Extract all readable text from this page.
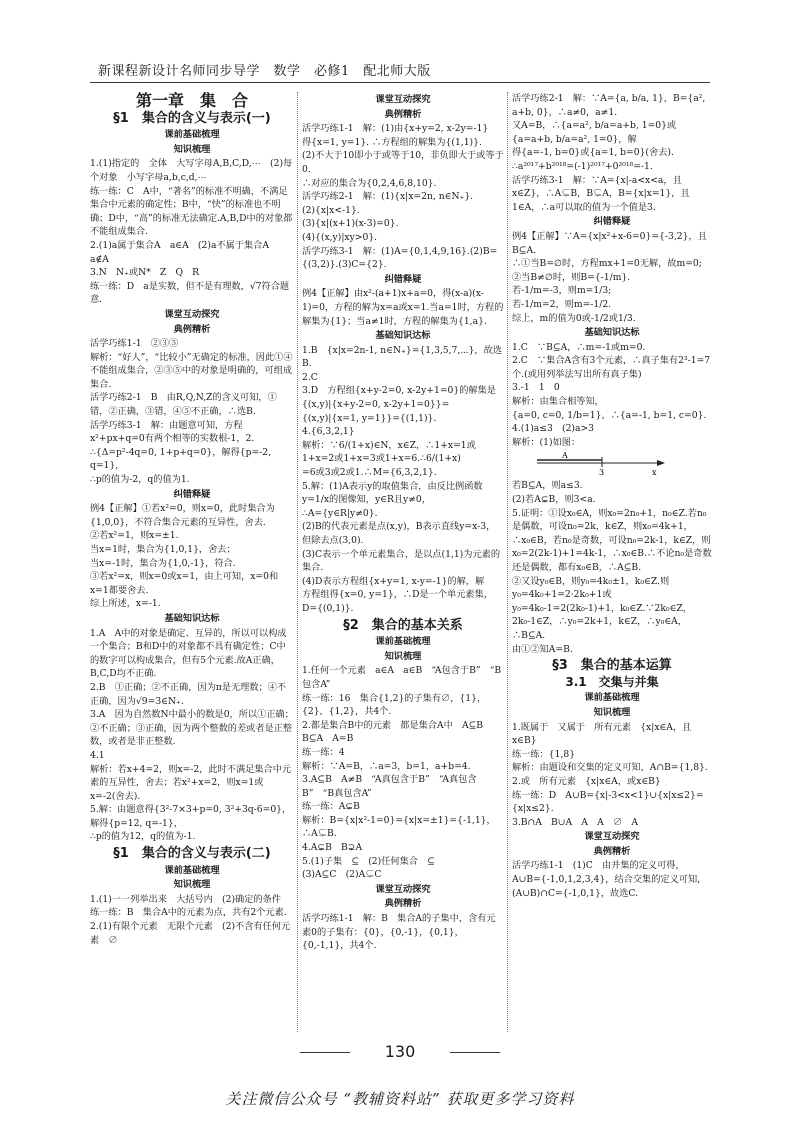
新课程新设计名师同步导学　数学　必修1　配北师大版
第一章　集　合
§1　集合的含义与表示(一)
课前基础梳理
知识梳理
1.(1)指定的　全体　大写字母A,B,C,D,⋯　(2)每个对象　小写字母a,b,c,d,⋯
练一练：C　A中，“著名”的标准不明确，不满足集合中元素的确定性；B中，“快”的标准也不明确；D中，“高”的标准无法确定.A,B,D中的对象都不能组成集合.
2.(1)a属于集合A　a∈A　(2)a不属于集合A　a∉A
3.N　N₊或N*　Z　Q　R
练一练：D　a是实数，但不是有理数，√7符合题意.
课堂互动探究
典例精析
活学巧练1-1　②③⑤
解析：“好人”，“比较小”无确定的标准，因此①④不能组成集合，②③⑤中的对象是明确的，可组成集合.
活学巧练2-1　B　由R,Q,N,Z的含义可知，①错，②正确，③错，④⑤不正确，∴选B.
活学巧练3-1　解：由题意可知，方程x²+px+q=0有两个相等的实数根-1，2.
∴{Δ=p²-4q=0, 1+p+q=0}，解得{p=-2, q=1}，
∴p的值为-2，q的值为1.
纠错释疑
例4【正解】①若x²=0，则x=0，此时集合为{1,0,0}，不符合集合元素的互异性，舍去.
②若x²=1，则x=±1.
当x=1时，集合为{1,0,1}，舍去；
当x=-1时，集合为{1,0,-1}，符合.
③若x²=x，则x=0或x=1，由上可知，x=0和x=1都要舍去.
综上所述，x=-1.
基础知识达标
1.A　A中的对象是确定、互异的，所以可以构成一个集合；B和D中的对象都不具有确定性；C中的数字可以构成集合，但有5个元素.故A正确，B,C,D均不正确.
2.B　①正确；②不正确，因为π是无理数；④不正确，因为√9=3∈N₊.
3.A　因为自然数N中最小的数是0，所以①正确；②不正确；③正确，因为两个整数的差或者是正整数，或者是非正整数.
4.1
解析：若x+4=2，则x=-2，此时不满足集合中元素的互异性，舍去；若x²+x=2，则x=1或x=-2(舍去).
5.解：由题意得{3²-7×3+p=0, 3²+3q-6=0}，
解得{p=12, q=-1}，
∴p的值为12，q的值为-1.
§1　集合的含义与表示(二)
课前基础梳理
知识梳理
1.(1)一一列举出来　大括号内　(2)确定的条件
练一练：B　集合A中的元素为点，共有2个元素.
2.(1)有限个元素　无限个元素　(2)不含有任何元素　∅
课堂互动探究
典例精析
活学巧练1-1　解：(1)由{x+y=2, x-2y=-1}
得{x=1, y=1}. ∴方程组的解集为{(1,1)}.
(2)不大于10即小于或等于10，非负即大于或等于0.
∴对应的集合为{0,2,4,6,8,10}.
活学巧练2-1　解：(1){x|x=2n, n∈N₊}.
(2){x|x<-1}.
(3){x|(x+1)(x-3)=0}.
(4){(x,y)|xy>0}.
活学巧练3-1　解：(1)A={0,1,4,9,16}.(2)B={(3,2)}.(3)C={2}.
纠错释疑
例4【正解】由x²-(a+1)x+a=0，得(x-a)(x-1)=0，方程的解为x=a或x=1.当a=1时，方程的解集为{1}；当a≠1时，方程的解集为{1,a}.
基础知识达标
1.B　{x|x=2n-1, n∈N₊}={1,3,5,7,⋯}，故选B.
2.C
3.D　方程组{x+y-2=0, x-2y+1=0}的解集是
{(x,y)|{x+y-2=0, x-2y+1=0}}=
{(x,y)|{x=1, y=1}}={(1,1)}.
4.{6,3,2,1}
解析：∵6/(1+x)∈N，x∈Z，∴1+x=1或
1+x=2或1+x=3或1+x=6.∴6/(1+x)
=6或3或2或1.∴M={6,3,2,1}.
5.解：(1)A表示y的取值集合，由反比例函数y=1/x的图像知，y∈R且y≠0，
∴A={y∈R|y≠0}.
(2)B的代表元素是点(x,y)，B表示直线y=x-3，但除去点(3,0).
(3)C表示一个单元素集合，是以点(1,1)为元素的集合.
(4)D表示方程组{x+y=1, x-y=-1}的解，解
方程组得{x=0, y=1}，∴D是一个单元素集，D={(0,1)}.
§2　集合的基本关系
课前基础梳理
知识梳理
1.任何一个元素　a∈A　a∈B　“A包含于B”　“B包含A”
练一练：16　集合{1,2}的子集有∅，{1}，{2}，{1,2}，共4个.
2.都是集合B中的元素　都是集合A中　A⊆B　B⊆A　A=B
练一练：4
解析：∵A=B，∴a=3，b=1，a+b=4.
3.A⊆B　A≠B　“A真包含于B”　“A真包含B”　“B真包含A”
练一练：A⊊B
解析：B={x|x²-1=0}={x|x=±1}={-1,1}，∴A⊊B.
4.A⊊B　B⊋A
5.(1)子集　⊆　(2)任何集合　⊆
(3)A⊆C　(2)A⊊C
课堂互动探究
典例精析
活学巧练1-1　解：B　集合A的子集中，含有元素0的子集有：{0}，{0,-1}，{0,1}，{0,-1,1}，共4个.
活学巧练2-1　解：∵A={a, b/a, 1}，B={a², a+b, 0}，∴a≠0，a≠1.
又A=B，∴{a=a², b/a=a+b, 1=0}或{a=a+b, b/a=a², 1=0}，解
得{a=-1, b=0}或{a=1, b=0}(舍去).
∴a²⁰¹⁷+b²⁰¹⁸=(-1)²⁰¹⁷+0²⁰¹⁸=-1.
活学巧练3-1　解：∵A={x|-a<x<a，且x∈Z}，∴A⊊B，B⊊A，B={x|x=1}，且1∈A，∴a可以取的值为一个值是3.
纠错释疑
例4【正解】∵A={x|x²+x-6=0}={-3,2}，且B⊆A.
∴①当B=∅时，方程mx+1=0无解，故m=0;
②当B≠∅时，则B={-1/m}.
若-1/m=-3，则m=1/3;
若-1/m=2，则m=-1/2.
综上，m的值为0或-1/2或1/3.
基础知识达标
1.C　∵B⊆A，∴m=-1或m=0.
2.C　∵集合A含有3个元素，∴真子集有2³-1=7个.(或用列举法写出所有真子集)
3.-1　1　0
解析：由集合相等知，
{a=0, c=0, 1/b=1}，∴{a=-1, b=1, c=0}.
4.(1)a≤3　(2)a>3
解析：(1)如图：
A
3	x
若B⊆A，则a≤3.
(2)若A⊊B，则3<a.
5.证明：①设x₀∈A，则x₀=2n₀+1，n₀∈Z.若n₀是偶数，可设n₀=2k，k∈Z，则x₀=4k+1，∴x₀∈B，若n₀是奇数，可设n₀=2k-1，k∈Z，则x₀=2(2k-1)+1=4k-1，∴x₀∈B.∴不论n₀是奇数还是偶数，都有x₀∈B，∴A⊆B.
②又设y₀∈B，则y₀=4k₀±1，k₀∈Z.则y₀=4k₀+1=2·2k₀+1或y₀=4k₀-1=2(2k₀-1)+1，k₀∈Z.∵2k₀∈Z，2k₀-1∈Z，∴y₀=2k+1，k∈Z，∴y₀∈A，∴B⊆A.
由①②知A=B.
§3　集合的基本运算
3.1　交集与并集
课前基础梳理
知识梳理
1.既属于　又属于　所有元素　{x|x∈A，且x∈B}
练一练：{1,8}
解析：由题设和交集的定义可知，A∩B={1,8}.
2.或　所有元素　{x|x∈A，或x∈B}
练一练：D　A∪B={x|-3<x<1}∪{x|x≤2}={x|x≤2}.
3.B∩A　B∪A　A　A　∅　A
课堂互动探究
典例精析
活学巧练1-1　(1)C　由并集的定义可得，A∪B={-1,0,1,2,3,4}，结合交集的定义可知，(A∪B)∩C={-1,0,1}，故选C.
130
关注微信公众号 “教辅资料站” 获取更多学习资料
